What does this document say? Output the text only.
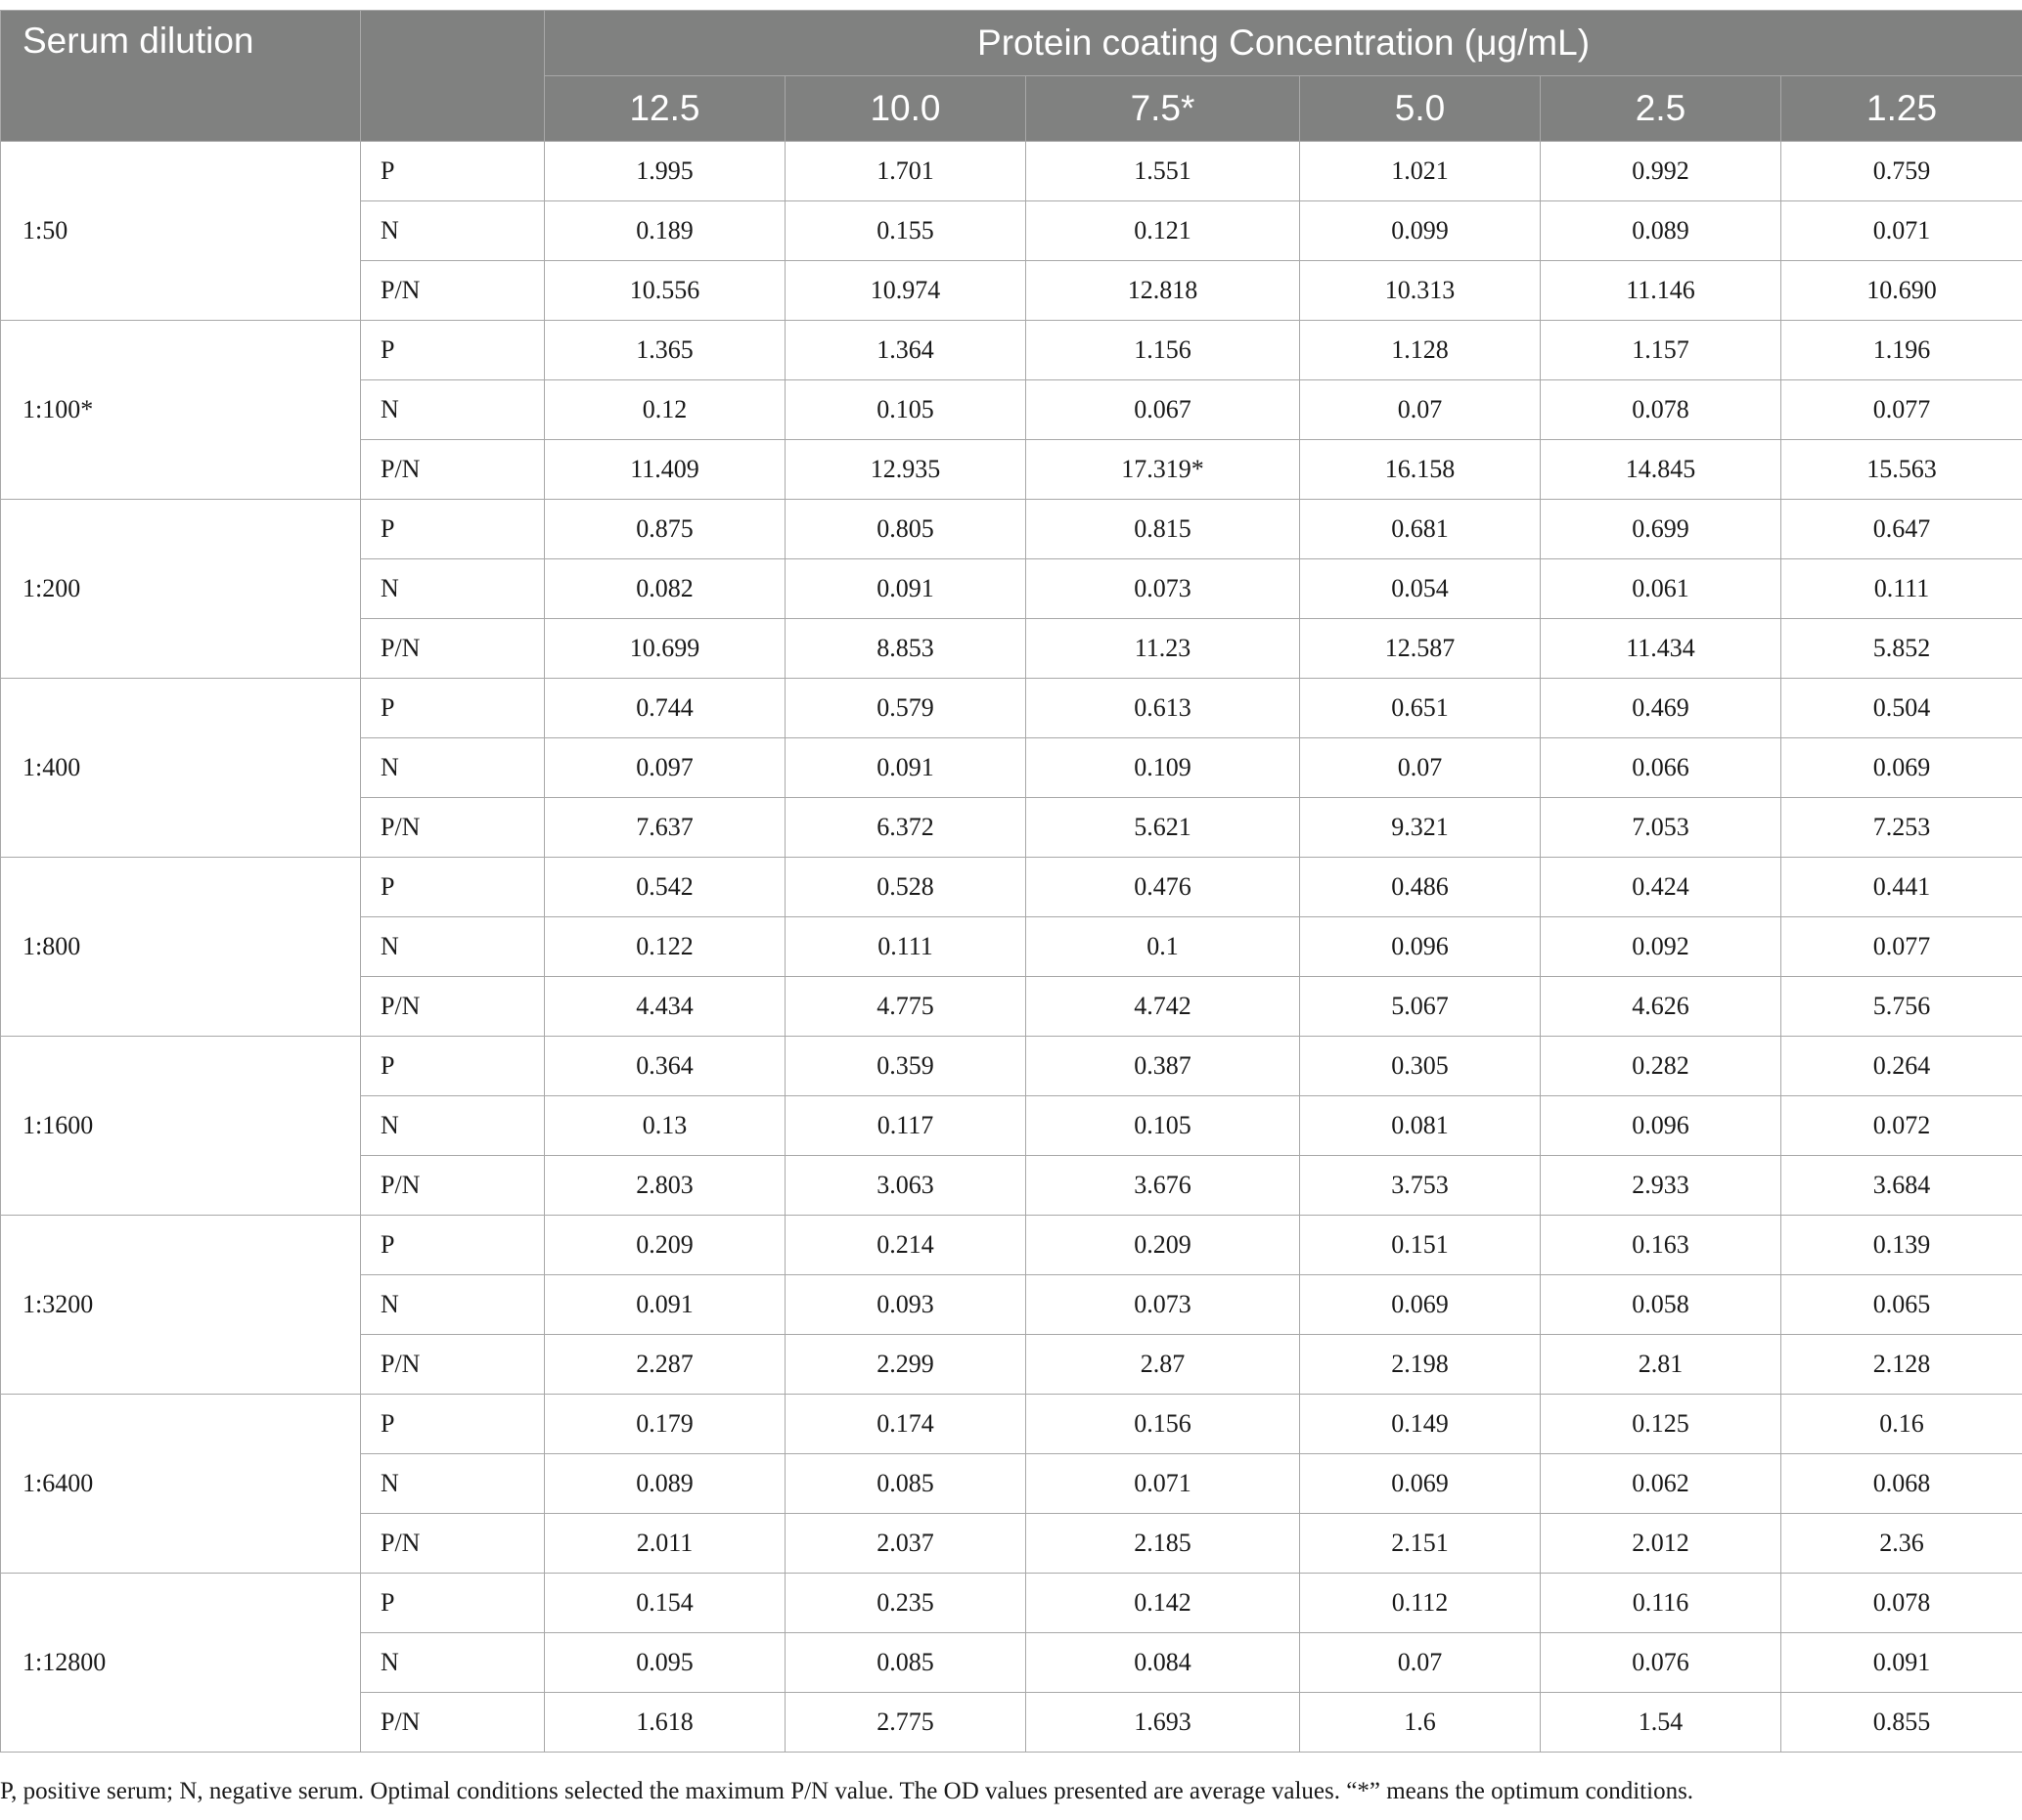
Serum dilution		Protein coating Concentration (μg/mL)					
		12.5	10.0	7.5*	5.0	2.5	1.25
1:50	P	1.995	1.701	1.551	1.021	0.992	0.759
	N	0.189	0.155	0.121	0.099	0.089	0.071
	P/N	10.556	10.974	12.818	10.313	11.146	10.690
1:100*	P	1.365	1.364	1.156	1.128	1.157	1.196
	N	0.12	0.105	0.067	0.07	0.078	0.077
	P/N	11.409	12.935	17.319*	16.158	14.845	15.563
1:200	P	0.875	0.805	0.815	0.681	0.699	0.647
	N	0.082	0.091	0.073	0.054	0.061	0.111
	P/N	10.699	8.853	11.23	12.587	11.434	5.852
1:400	P	0.744	0.579	0.613	0.651	0.469	0.504
	N	0.097	0.091	0.109	0.07	0.066	0.069
	P/N	7.637	6.372	5.621	9.321	7.053	7.253
1:800	P	0.542	0.528	0.476	0.486	0.424	0.441
	N	0.122	0.111	0.1	0.096	0.092	0.077
	P/N	4.434	4.775	4.742	5.067	4.626	5.756
1:1600	P	0.364	0.359	0.387	0.305	0.282	0.264
	N	0.13	0.117	0.105	0.081	0.096	0.072
	P/N	2.803	3.063	3.676	3.753	2.933	3.684
1:3200	P	0.209	0.214	0.209	0.151	0.163	0.139
	N	0.091	0.093	0.073	0.069	0.058	0.065
	P/N	2.287	2.299	2.87	2.198	2.81	2.128
1:6400	P	0.179	0.174	0.156	0.149	0.125	0.16
	N	0.089	0.085	0.071	0.069	0.062	0.068
	P/N	2.011	2.037	2.185	2.151	2.012	2.36
1:12800	P	0.154	0.235	0.142	0.112	0.116	0.078
	N	0.095	0.085	0.084	0.07	0.076	0.091
	P/N	1.618	2.775	1.693	1.6	1.54	0.855
P, positive serum; N, negative serum. Optimal conditions selected the maximum P/N value. The OD values presented are average values. “*” means the optimum conditions.
